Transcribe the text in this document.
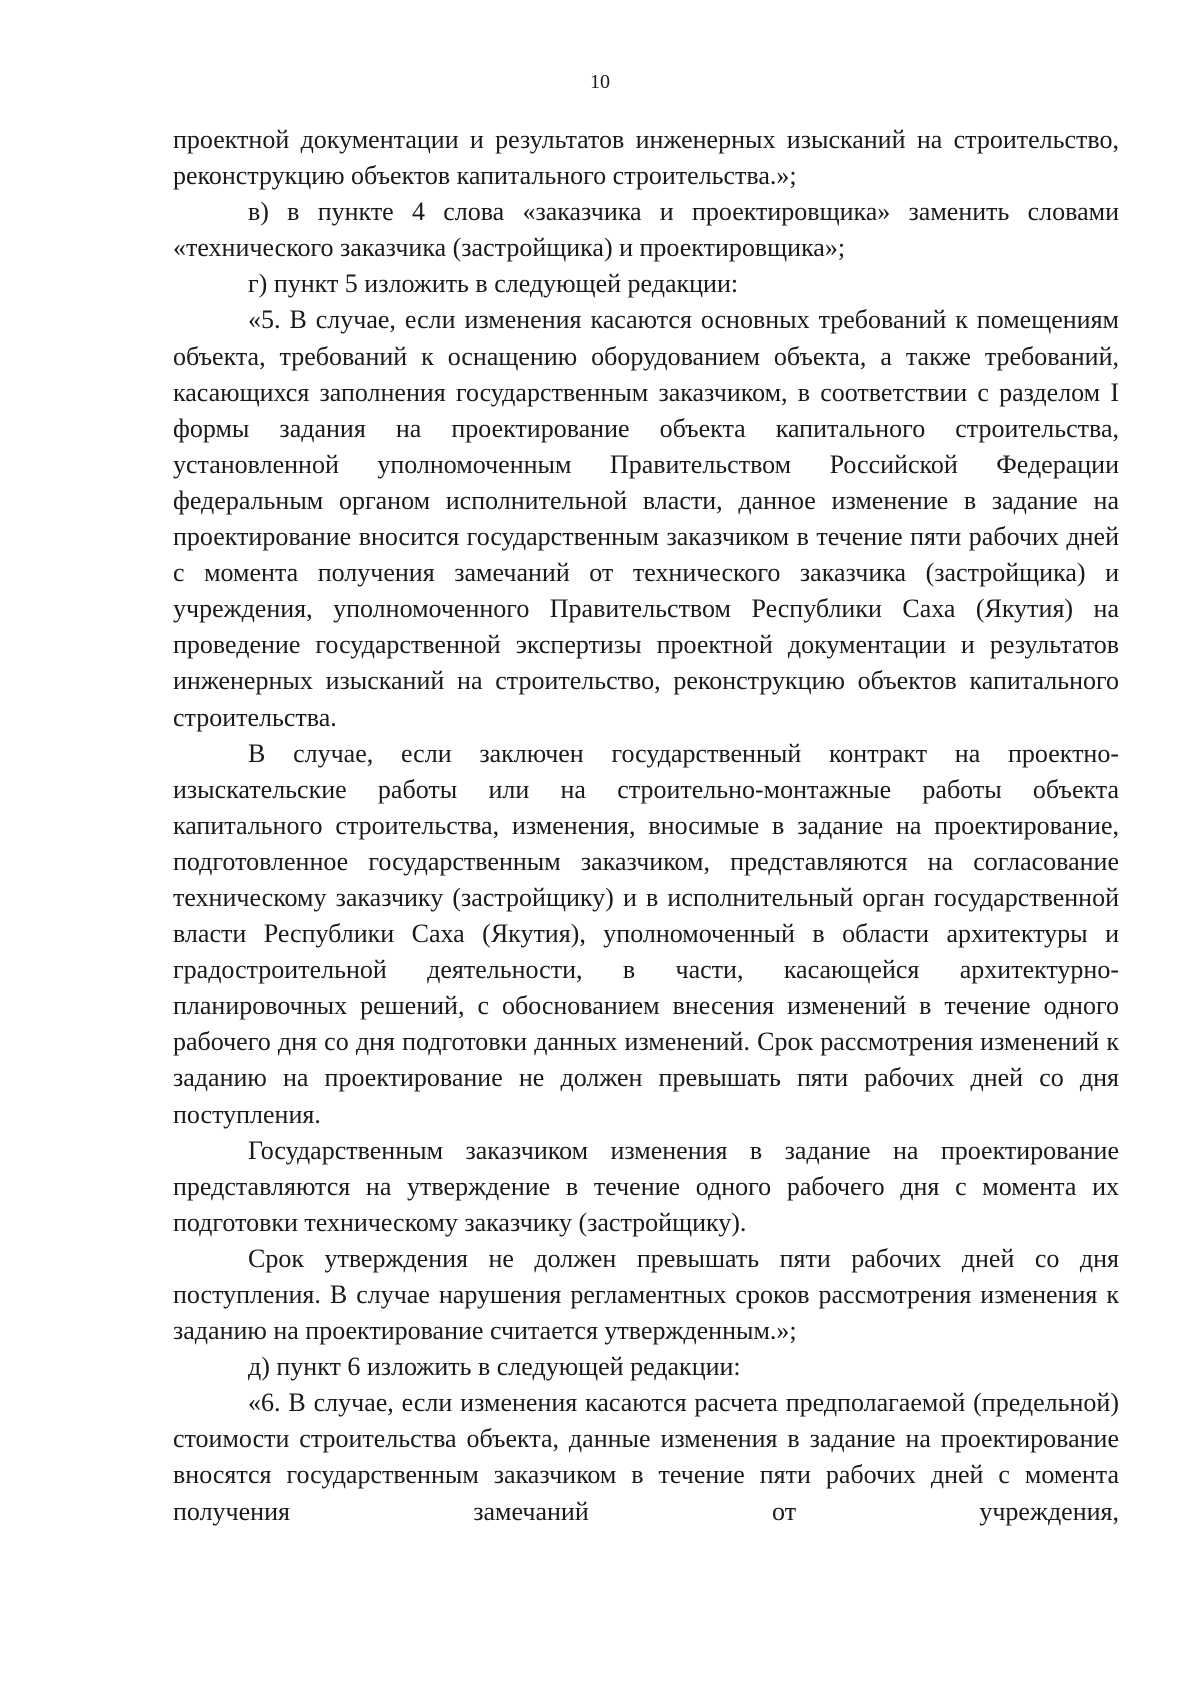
10

проектной документации и результатов инженерных изысканий на строительство, реконструкцию объектов капитального строительства.»;

в) в пункте 4 слова «заказчика и проектировщика» заменить словами «технического заказчика (застройщика) и проектировщика»;

г) пункт 5 изложить в следующей редакции:

«5. В случае, если изменения касаются основных требований к помещениям объекта, требований к оснащению оборудованием объекта, а также требований, касающихся заполнения государственным заказчиком, в соответствии с разделом I формы задания на проектирование объекта капитального строительства, установленной уполномоченным Правительством Российской Федерации федеральным органом исполнительной власти, данное изменение в задание на проектирование вносится государственным заказчиком в течение пяти рабочих дней с момента получения замечаний от технического заказчика (застройщика) и учреждения, уполномоченного Правительством Республики Саха (Якутия) на проведение государственной экспертизы проектной документации и результатов инженерных изысканий на строительство, реконструкцию объектов капитального строительства.

В случае, если заключен государственный контракт на проектно-изыскательские работы или на строительно-монтажные работы объекта капитального строительства, изменения, вносимые в задание на проектирование, подготовленное государственным заказчиком, представляются на согласование техническому заказчику (застройщику) и в исполнительный орган государственной власти Республики Саха (Якутия), уполномоченный в области архитектуры и градостроительной деятельности, в части, касающейся архитектурно-планировочных решений, с обоснованием внесения изменений в течение одного рабочего дня со дня подготовки данных изменений. Срок рассмотрения изменений к заданию на проектирование не должен превышать пяти рабочих дней со дня поступления.

Государственным заказчиком изменения в задание на проектирование представляются на утверждение в течение одного рабочего дня с момента их подготовки техническому заказчику (застройщику).

Срок утверждения не должен превышать пяти рабочих дней со дня поступления. В случае нарушения регламентных сроков рассмотрения изменения к заданию на проектирование считается утвержденным.»;

д) пункт 6 изложить в следующей редакции:

«6. В случае, если изменения касаются расчета предполагаемой (предельной) стоимости строительства объекта, данные изменения в задание на проектирование вносятся государственным заказчиком в течение пяти рабочих дней с момента получения замечаний от учреждения,
